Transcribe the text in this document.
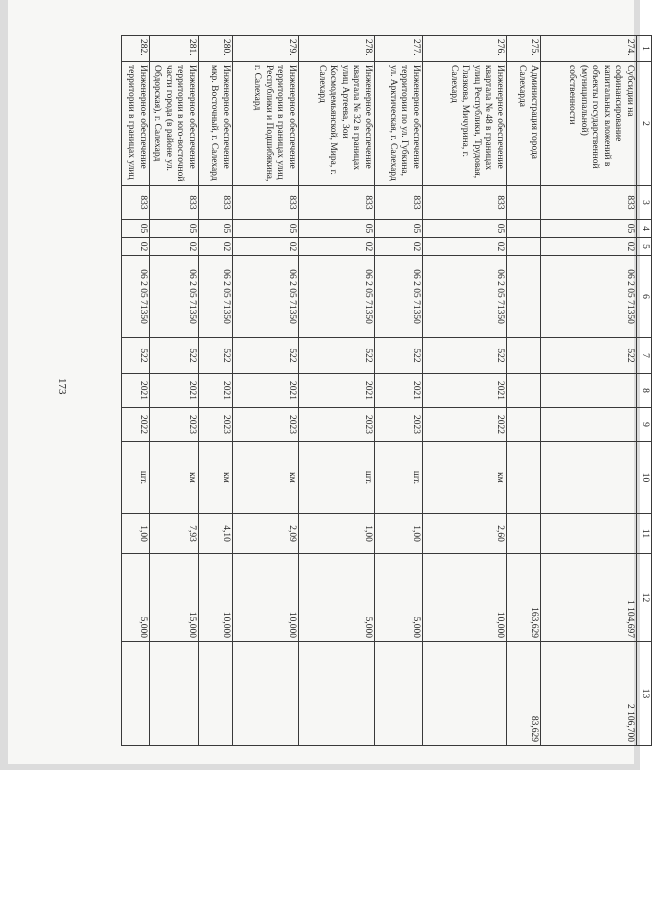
173
1	2	3	4	5	6	7	8	9	10	11	12	13
274.	Субсидии на софинансирование капитальных вложений в объекты государственной (муниципальной) собственности	833	05	02	06 2 05 71350	522					1 104,697	2 106,700
275.	Администрация города Салехарда										163,629	83,629
276.	Инженерное обеспечение квартала № 48 в границах улиц Республики, Трудовая, Глазкова, Мичурина, г. Салехард	833	05	02	06 2 05 71350	522	2021	2022	км	2,60	10,000	
277.	Инженерное обеспечение территории по ул. Губкина, ул. Арктическая, г. Салехард	833	05	02	06 2 05 71350	522	2021	2023	шт.	1,00	5,000	
278.	Инженерное обеспечение квартала № 32 в границах улиц Артеева, Зои Космодемьянской, Мира, г. Салехард	833	05	02	06 2 05 71350	522	2021	2023	шт.	1,00	5,000	
279.	Инженерное обеспечение территории в границах улиц Республики и Подшибякина, г. Салехард	833	05	02	06 2 05 71350	522	2021	2023	км	2,09	10,000	
280.	Инженерное обеспечение мкр. Восточный, г. Салехард	833	05	02	06 2 05 71350	522	2021	2023	км	4,10	10,000	
281.	Инженерное обеспечение территории в юго-восточной части города (в районе ул. Обдорская), г. Салехард	833	05	02	06 2 05 71350	522	2021	2023	км	7,93	15,000	
282.	Инженерное обеспечение территории в границах улиц	833	05	02	06 2 05 71350	522	2021	2022	шт.	1,00	5,000	
